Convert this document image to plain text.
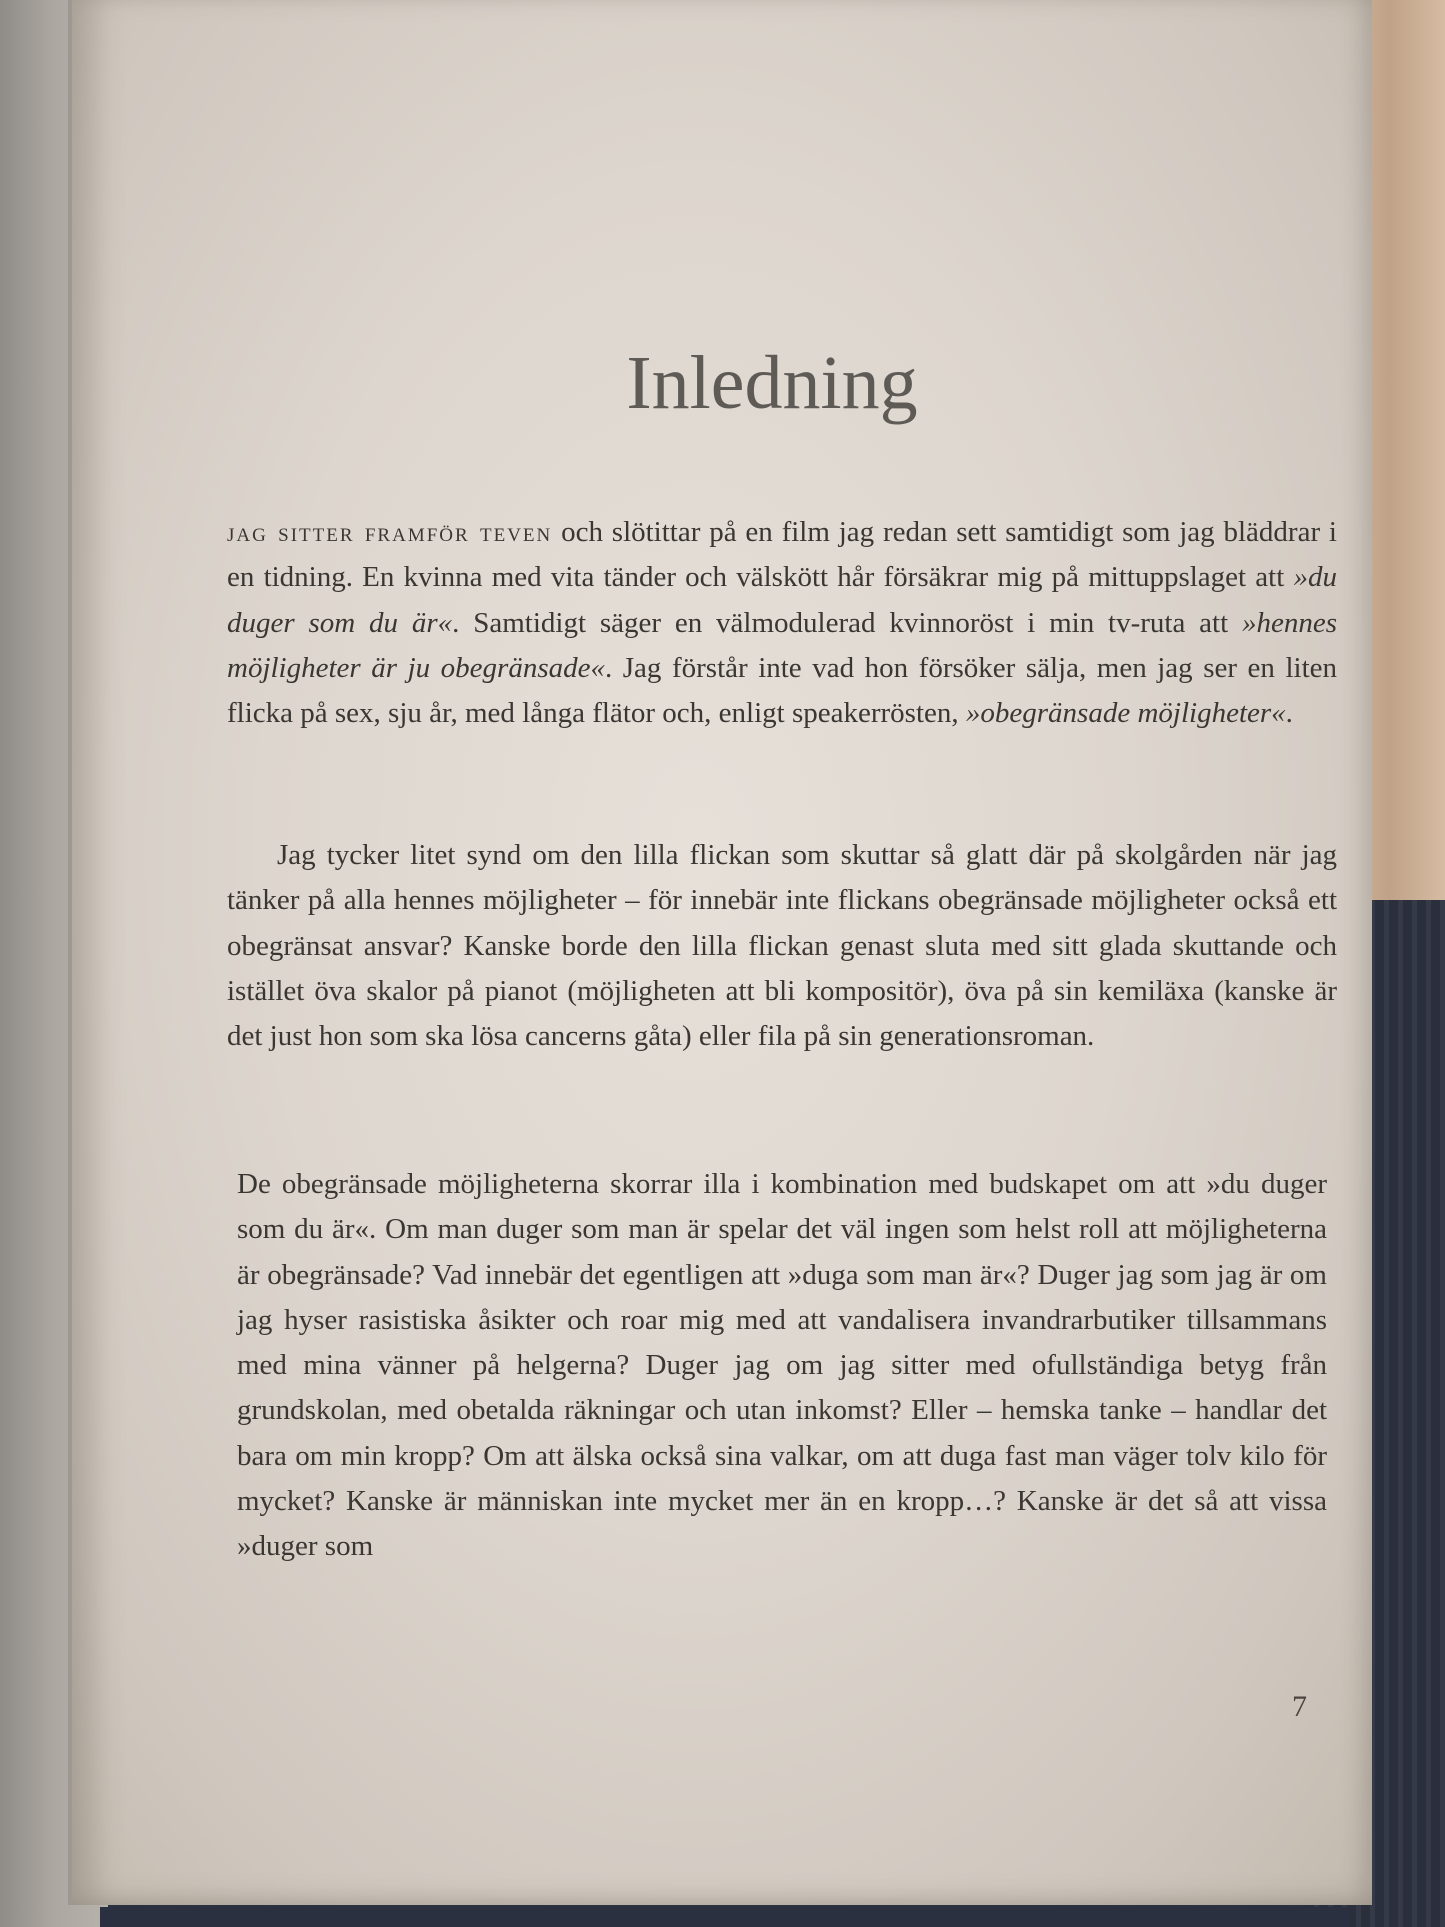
Inledning

jag sitter framför teven och slötittar på en film jag redan sett samtidigt som jag bläddrar i en tidning. En kvinna med vita tänder och välskött hår försäkrar mig på mittuppslaget att »du duger som du är«. Samtidigt säger en välmodulerad kvinnoröst i min tv-ruta att »hennes möjligheter är ju obegränsade«. Jag förstår inte vad hon försöker sälja, men jag ser en liten flicka på sex, sju år, med långa flätor och, enligt speakerrösten, »obegränsade möjligheter«.

Jag tycker litet synd om den lilla flickan som skuttar så glatt där på skolgården när jag tänker på alla hennes möjligheter – för innebär inte flickans obegränsade möjligheter också ett obegränsat ansvar? Kanske borde den lilla flickan genast sluta med sitt glada skuttande och istället öva skalor på pianot (möjligheten att bli kompositör), öva på sin kemiläxa (kanske är det just hon som ska lösa cancerns gåta) eller fila på sin generationsroman.

De obegränsade möjligheterna skorrar illa i kombination med budskapet om att »du duger som du är«. Om man duger som man är spelar det väl ingen som helst roll att möjligheterna är obegränsade? Vad innebär det egentligen att »duga som man är«? Duger jag som jag är om jag hyser rasistiska åsikter och roar mig med att vandalisera invandrarbutiker tillsammans med mina vänner på helgerna? Duger jag om jag sitter med ofullständiga betyg från grundskolan, med obetalda räkningar och utan inkomst? Eller – hemska tanke – handlar det bara om min kropp? Om att älska också sina valkar, om att duga fast man väger tolv kilo för mycket? Kanske är människan inte mycket mer än en kropp…? Kanske är det så att vissa »duger som

7
